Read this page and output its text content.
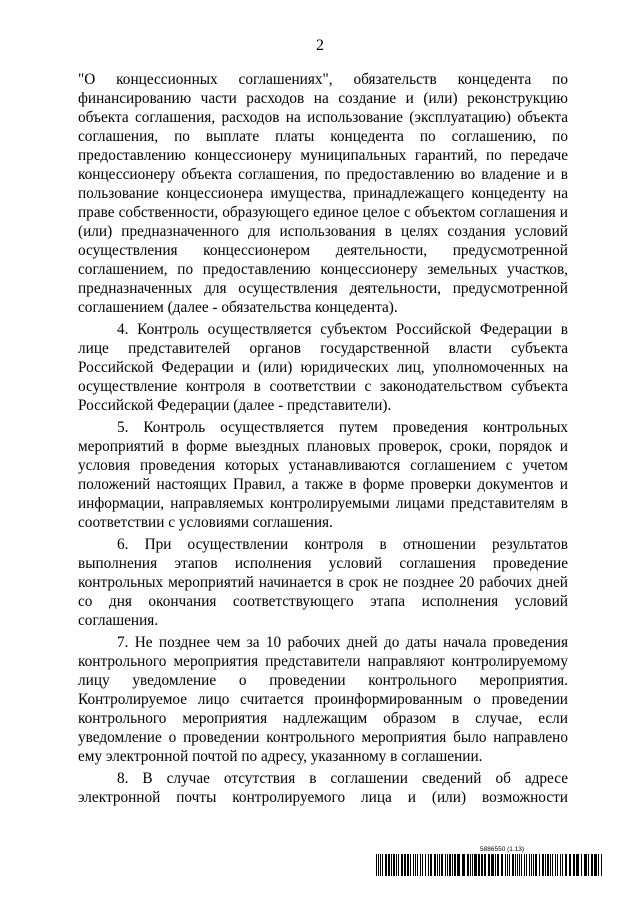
2

"О концессионных соглашениях", обязательств концедента по финансированию части расходов на создание и (или) реконструкцию объекта соглашения, расходов на использование (эксплуатацию) объекта соглашения, по выплате платы концедента по соглашению, по предоставлению концессионеру муниципальных гарантий, по передаче концессионеру объекта соглашения, по предоставлению во владение и в пользование концессионера имущества, принадлежащего концеденту на праве собственности, образующего единое целое с объектом соглашения и (или) предназначенного для использования в целях создания условий осуществления концессионером деятельности, предусмотренной соглашением, по предоставлению концессионеру земельных участков, предназначенных для осуществления деятельности, предусмотренной соглашением (далее - обязательства концедента).

4. Контроль осуществляется субъектом Российской Федерации в лице представителей органов государственной власти субъекта Российской Федерации и (или) юридических лиц, уполномоченных на осуществление контроля в соответствии с законодательством субъекта Российской Федерации (далее - представители).

5. Контроль осуществляется путем проведения контрольных мероприятий в форме выездных плановых проверок, сроки, порядок и условия проведения которых устанавливаются соглашением с учетом положений настоящих Правил, а также в форме проверки документов и информации, направляемых контролируемыми лицами представителям в соответствии с условиями соглашения.

6. При осуществлении контроля в отношении результатов выполнения этапов исполнения условий соглашения проведение контрольных мероприятий начинается в срок не позднее 20 рабочих дней со дня окончания соответствующего этапа исполнения условий соглашения.

7. Не позднее чем за 10 рабочих дней до даты начала проведения контрольного мероприятия представители направляют контролируемому лицу уведомление о проведении контрольного мероприятия. Контролируемое лицо считается проинформированным о проведении контрольного мероприятия надлежащим образом в случае, если уведомление о проведении контрольного мероприятия было направлено ему электронной почтой по адресу, указанному в соглашении.

8. В случае отсутствия в соглашении сведений об адресе электронной почты контролируемого лица и (или) возможности

5886550 (1.13)
